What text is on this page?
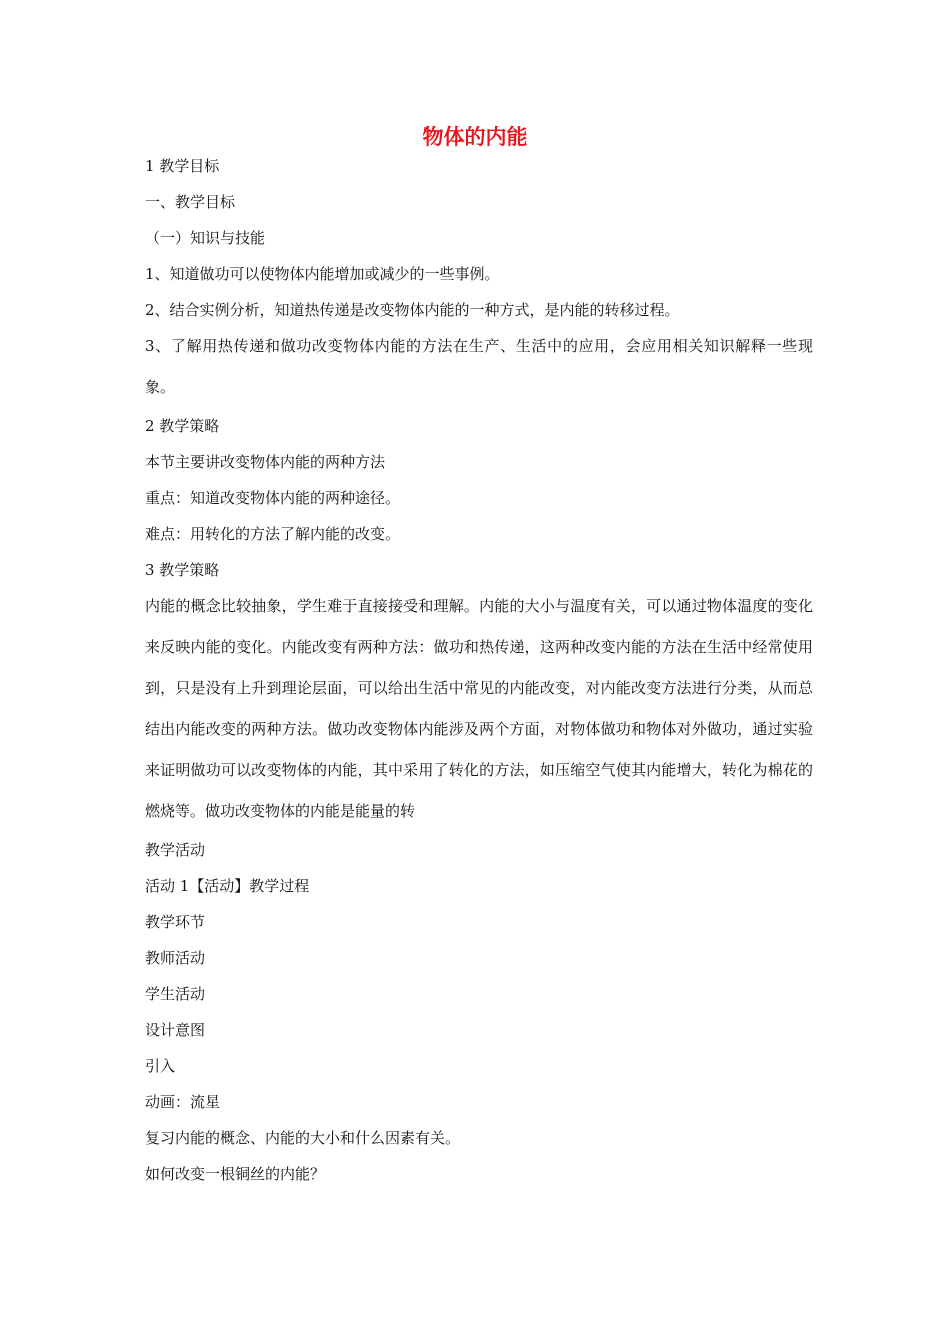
物体的内能
1 教学目标
一、教学目标
（一）知识与技能
1、知道做功可以使物体内能增加或减少的一些事例。
2、结合实例分析，知道热传递是改变物体内能的一种方式，是内能的转移过程。
3、了解用热传递和做功改变物体内能的方法在生产、生活中的应用，会应用相关知识解释一些现象。
2 教学策略
本节主要讲改变物体内能的两种方法
重点：知道改变物体内能的两种途径。
难点：用转化的方法了解内能的改变。
3 教学策略
内能的概念比较抽象，学生难于直接接受和理解。内能的大小与温度有关，可以通过物体温度的变化来反映内能的变化。内能改变有两种方法：做功和热传递，这两种改变内能的方法在生活中经常使用到，只是没有上升到理论层面，可以给出生活中常见的内能改变，对内能改变方法进行分类，从而总结出内能改变的两种方法。做功改变物体内能涉及两个方面，对物体做功和物体对外做功，通过实验来证明做功可以改变物体的内能，其中采用了转化的方法，如压缩空气使其内能增大，转化为棉花的燃烧等。做功改变物体的内能是能量的转
教学活动
活动 1【活动】教学过程
教学环节
教师活动
学生活动
设计意图
引入
动画：流星
复习内能的概念、内能的大小和什么因素有关。
如何改变一根铜丝的内能？
